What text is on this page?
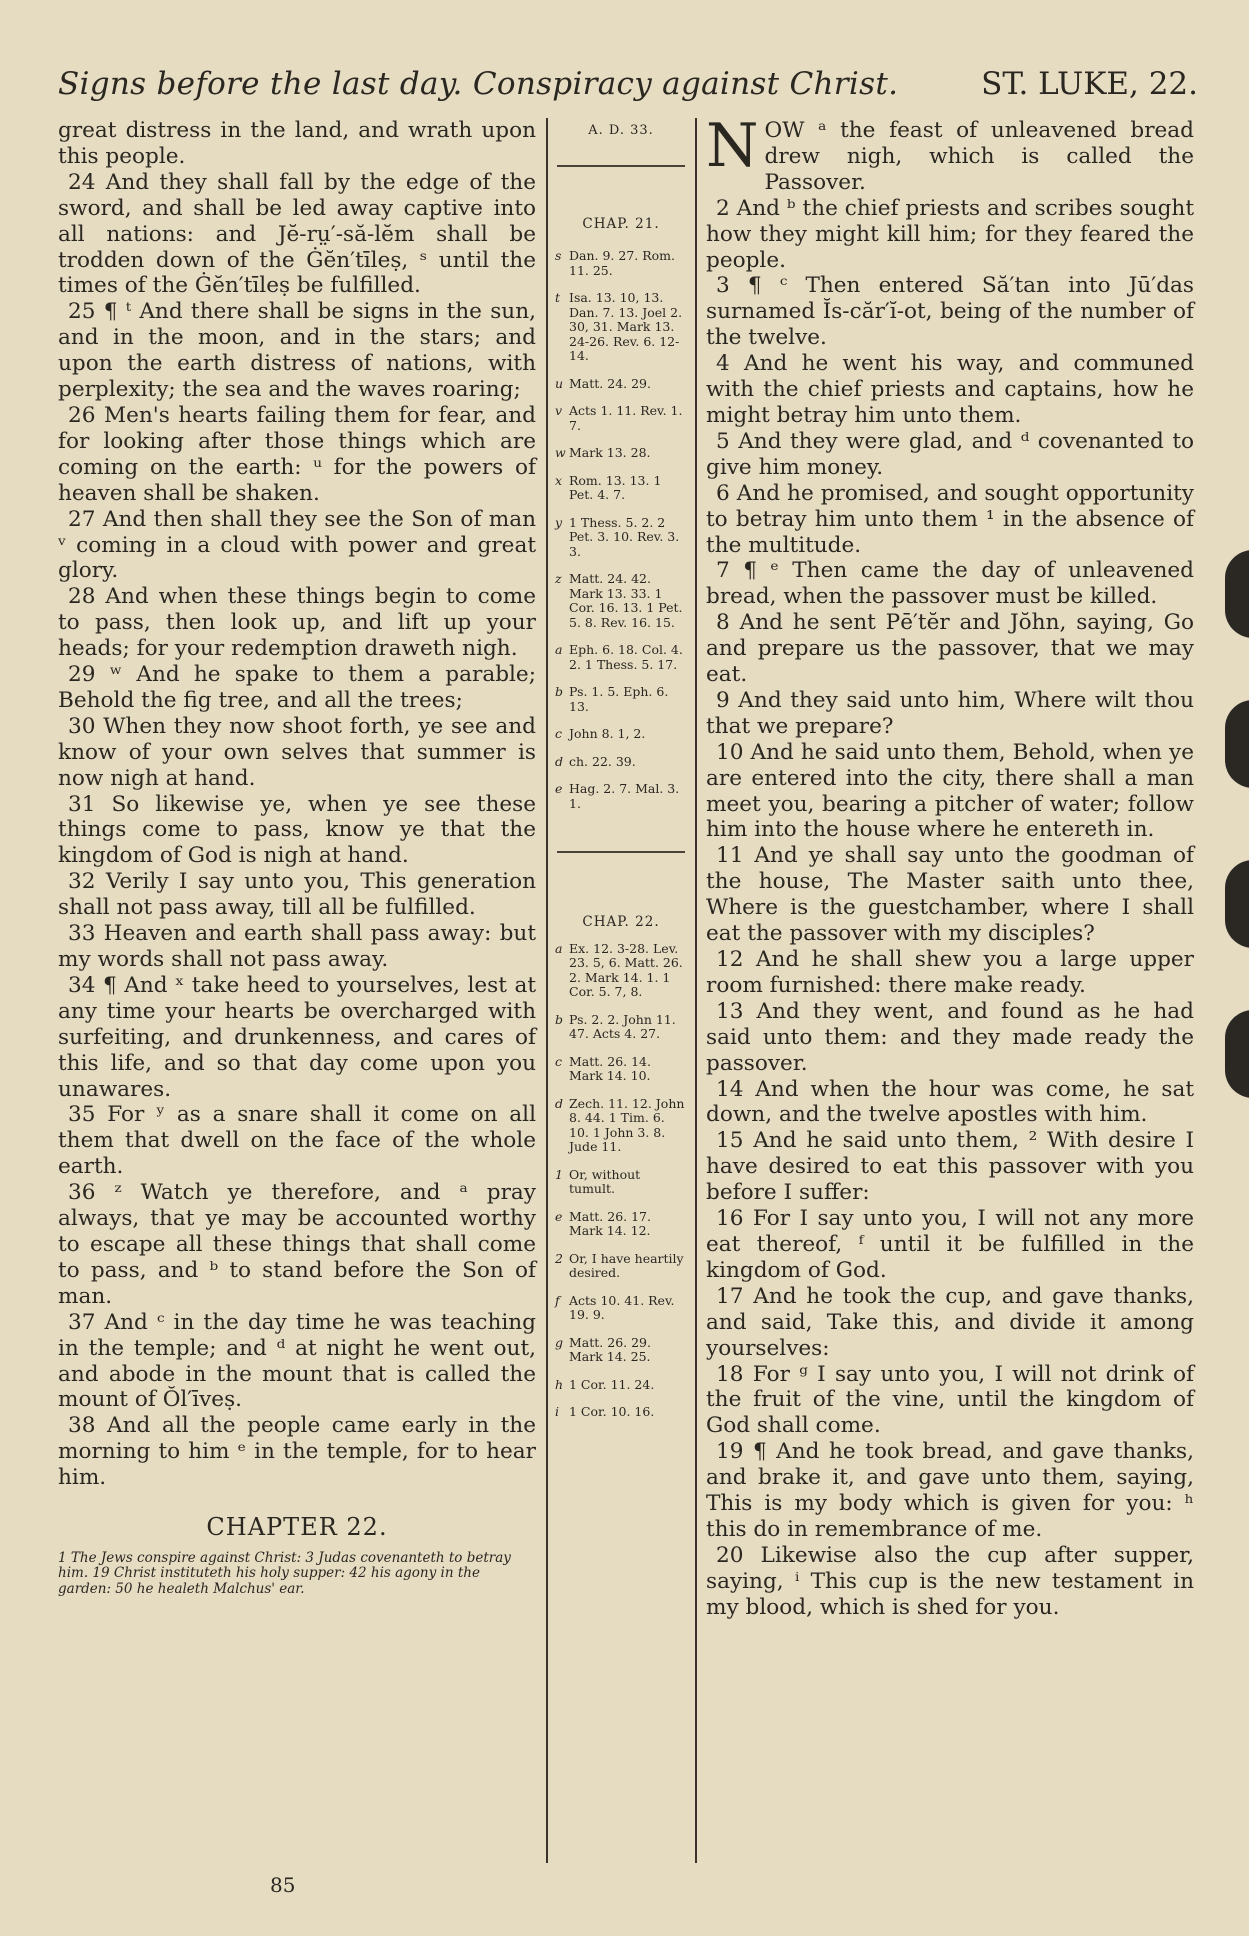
Signs before the last day. Conspiracy against Christ.	ST. LUKE, 22.

great distress in the land, and wrath upon this people.

24 And they shall fall by the edge of the sword, and shall be led away captive into all nations: and Jĕ-rṳ′-să-lĕm shall be trodden down of the Ġĕn′tīleṣ, ˢ until the times of the Ġĕn′tīleṣ be fulfilled.

25 ¶ ᵗ And there shall be signs in the sun, and in the moon, and in the stars; and upon the earth distress of nations, with perplexity; the sea and the waves roaring;

26 Men's hearts failing them for fear, and for looking after those things which are coming on the earth: ᵘ for the powers of heaven shall be shaken.

27 And then shall they see the Son of man ᵛ coming in a cloud with power and great glory.

28 And when these things begin to come to pass, then look up, and lift up your heads; for your redemption draweth nigh.

29 ʷ And he spake to them a parable; Behold the fig tree, and all the trees;

30 When they now shoot forth, ye see and know of your own selves that summer is now nigh at hand.

31 So likewise ye, when ye see these things come to pass, know ye that the kingdom of God is nigh at hand.

32 Verily I say unto you, This generation shall not pass away, till all be fulfilled.

33 Heaven and earth shall pass away: but my words shall not pass away.

34 ¶ And ˣ take heed to yourselves, lest at any time your hearts be overcharged with surfeiting, and drunkenness, and cares of this life, and so that day come upon you unawares.

35 For ʸ as a snare shall it come on all them that dwell on the face of the whole earth.

36 ᶻ Watch ye therefore, and ᵃ pray always, that ye may be accounted worthy to escape all these things that shall come to pass, and ᵇ to stand before the Son of man.

37 And ᶜ in the day time he was teaching in the temple; and ᵈ at night he went out, and abode in the mount that is called the mount of Ŏl′īveṣ.

38 And all the people came early in the morning to him ᵉ in the temple, for to hear him.

CHAPTER 22.

1 The Jews conspire against Christ: 3 Judas covenanteth to betray him. 19 Christ instituteth his holy supper: 42 his agony in the garden: 50 he healeth Malchus' ear.

A. D. 33.
CHAP. 21.
s Dan. 9. 27. Rom. 11. 25.
t Isa. 13. 10, 13. Dan. 7. 13. Joel 2. 30, 31. Mark 13. 24-26. Rev. 6. 12-14.
u Matt. 24. 29.
v Acts 1. 11. Rev. 1. 7.
w Mark 13. 28.
x Rom. 13. 13. 1 Pet. 4. 7.
y 1 Thess. 5. 2. 2 Pet. 3. 10. Rev. 3. 3.
z Matt. 24. 42. Mark 13. 33. 1 Cor. 16. 13. 1 Pet. 5. 8. Rev. 16. 15.
a Eph. 6. 18. Col. 4. 2. 1 Thess. 5. 17.
b Ps. 1. 5. Eph. 6. 13.
c John 8. 1, 2.
d ch. 22. 39.
e Hag. 2. 7. Mal. 3. 1.
CHAP. 22.
a Ex. 12. 3-28. Lev. 23. 5, 6. Matt. 26. 2. Mark 14. 1. 1 Cor. 5. 7, 8.
b Ps. 2. 2. John 11. 47. Acts 4. 27.
c Matt. 26. 14. Mark 14. 10.
d Zech. 11. 12. John 8. 44. 1 Tim. 6. 10. 1 John 3. 8. Jude 11.
1 Or, without tumult.
e Matt. 26. 17. Mark 14. 12.
2 Or, I have heartily desired.
f Acts 10. 41. Rev. 19. 9.
g Matt. 26. 29. Mark 14. 25.
h 1 Cor. 11. 24.
i 1 Cor. 10. 16.

NOW ᵃ the feast of unleavened bread drew nigh, which is called the Passover.

2 And ᵇ the chief priests and scribes sought how they might kill him; for they feared the people.

3 ¶ ᶜ Then entered Să′tan into Jū′das surnamed Ĭs-căr′ĭ-ot, being of the number of the twelve.

4 And he went his way, and communed with the chief priests and captains, how he might betray him unto them.

5 And they were glad, and ᵈ covenanted to give him money.

6 And he promised, and sought opportunity to betray him unto them ¹ in the absence of the multitude.

7 ¶ ᵉ Then came the day of unleavened bread, when the passover must be killed.

8 And he sent Pē′tĕr and Jŏhn, saying, Go and prepare us the passover, that we may eat.

9 And they said unto him, Where wilt thou that we prepare?

10 And he said unto them, Behold, when ye are entered into the city, there shall a man meet you, bearing a pitcher of water; follow him into the house where he entereth in.

11 And ye shall say unto the goodman of the house, The Master saith unto thee, Where is the guestchamber, where I shall eat the passover with my disciples?

12 And he shall shew you a large upper room furnished: there make ready.

13 And they went, and found as he had said unto them: and they made ready the passover.

14 And when the hour was come, he sat down, and the twelve apostles with him.

15 And he said unto them, ² With desire I have desired to eat this passover with you before I suffer:

16 For I say unto you, I will not any more eat thereof, ᶠ until it be fulfilled in the kingdom of God.

17 And he took the cup, and gave thanks, and said, Take this, and divide it among yourselves:

18 For ᵍ I say unto you, I will not drink of the fruit of the vine, until the kingdom of God shall come.

19 ¶ And he took bread, and gave thanks, and brake it, and gave unto them, saying, This is my body which is given for you: ʰ this do in remembrance of me.

20 Likewise also the cup after supper, saying, ⁱ This cup is the new testament in my blood, which is shed for you.

85
